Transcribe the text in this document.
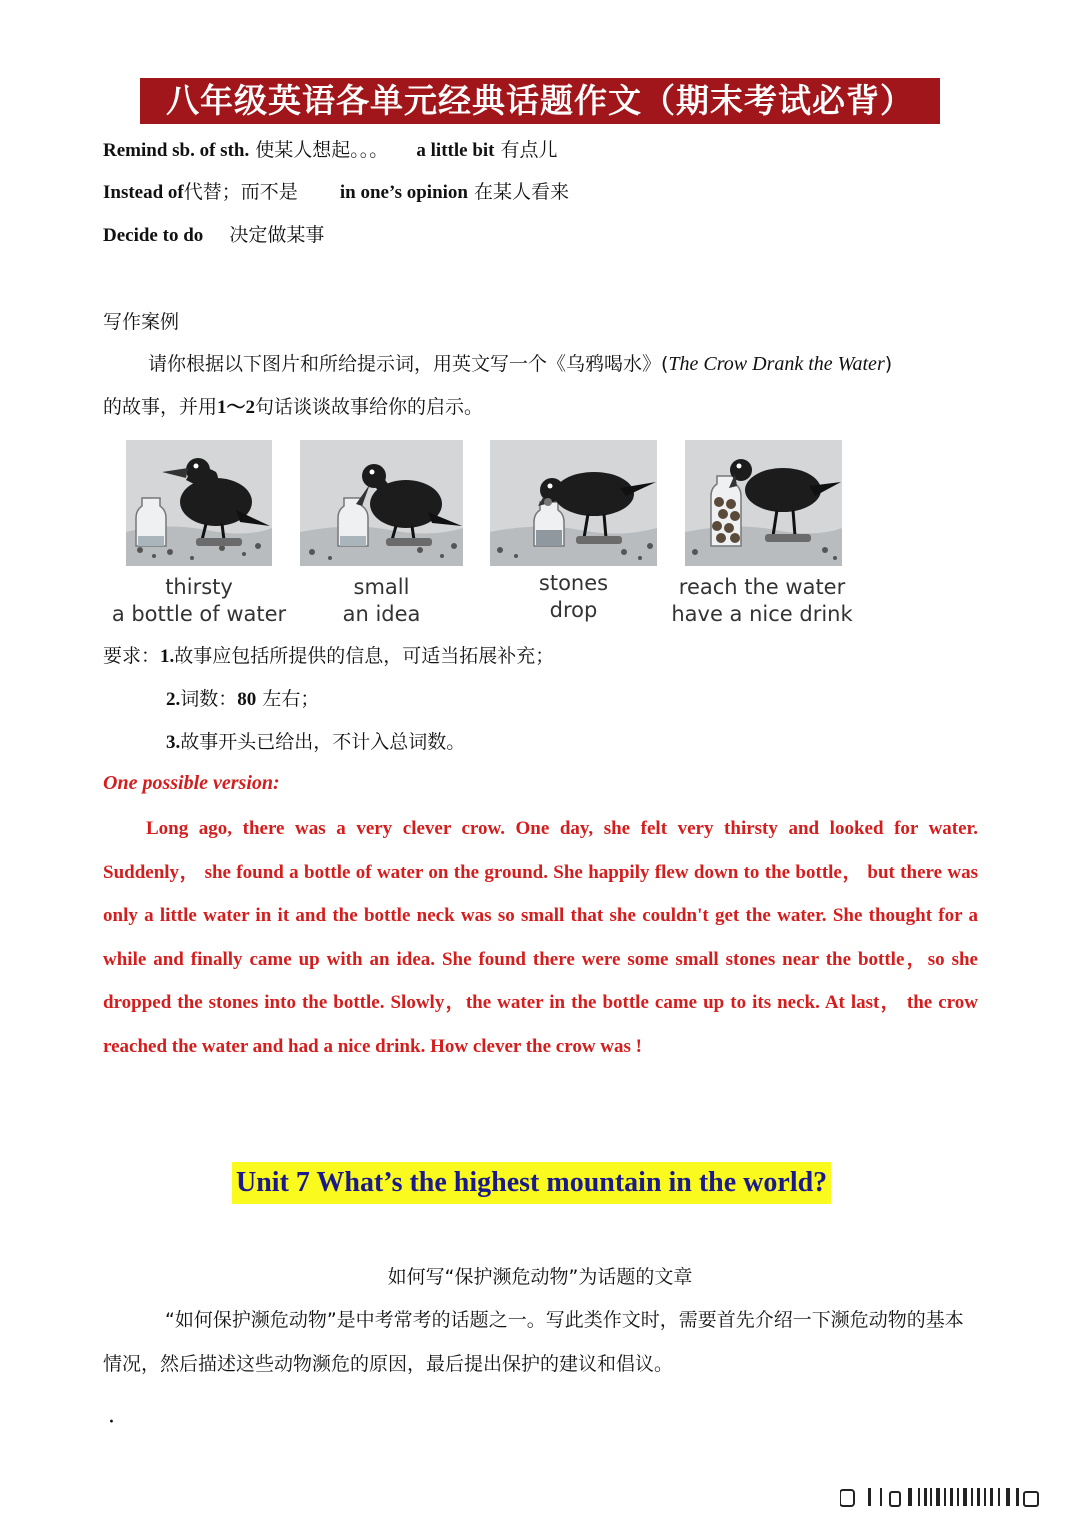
八年级英语各单元经典话题作文（期末考试必背）
Remind sb. of sth. 使某人想起。。。 a little bit 有点儿
Instead of代替；而不是 in one’s opinion 在某人看来
Decide to do 决定做某事
写作案例
请你根据以下图片和所给提示词，用英文写一个《乌鸦喝水》(The Crow Drank the Water)
的故事，并用1～2句话谈谈故事给你的启示。
thirsty
a bottle of water
small
an idea
stones
drop
reach the water
have a nice drink
要求：1.故事应包括所提供的信息，可适当拓展补充；
2.词数：80 左右；
3.故事开头已给出，不计入总词数。
One possible version:
Long ago, there was a very clever crow. One day, she felt very thirsty and looked for water. Suddenly， she found a bottle of water on the ground. She happily flew down to the bottle， but there was only a little water in it and the bottle neck was so small that she couldn't get the water. She thought for a while and finally came up with an idea. She found there were some small stones near the bottle，so she dropped the stones into the bottle. Slowly，the water in the bottle came up to its neck. At last， the crow reached the water and had a nice drink. How clever the crow was !
Unit 7 What’s the highest mountain in the world?
如何写“保护濒危动物”为话题的文章
“如何保护濒危动物”是中考常考的话题之一。写此类作文时，需要首先介绍一下濒危动物的基本情况，然后描述这些动物濒危的原因，最后提出保护的建议和倡议。
·
